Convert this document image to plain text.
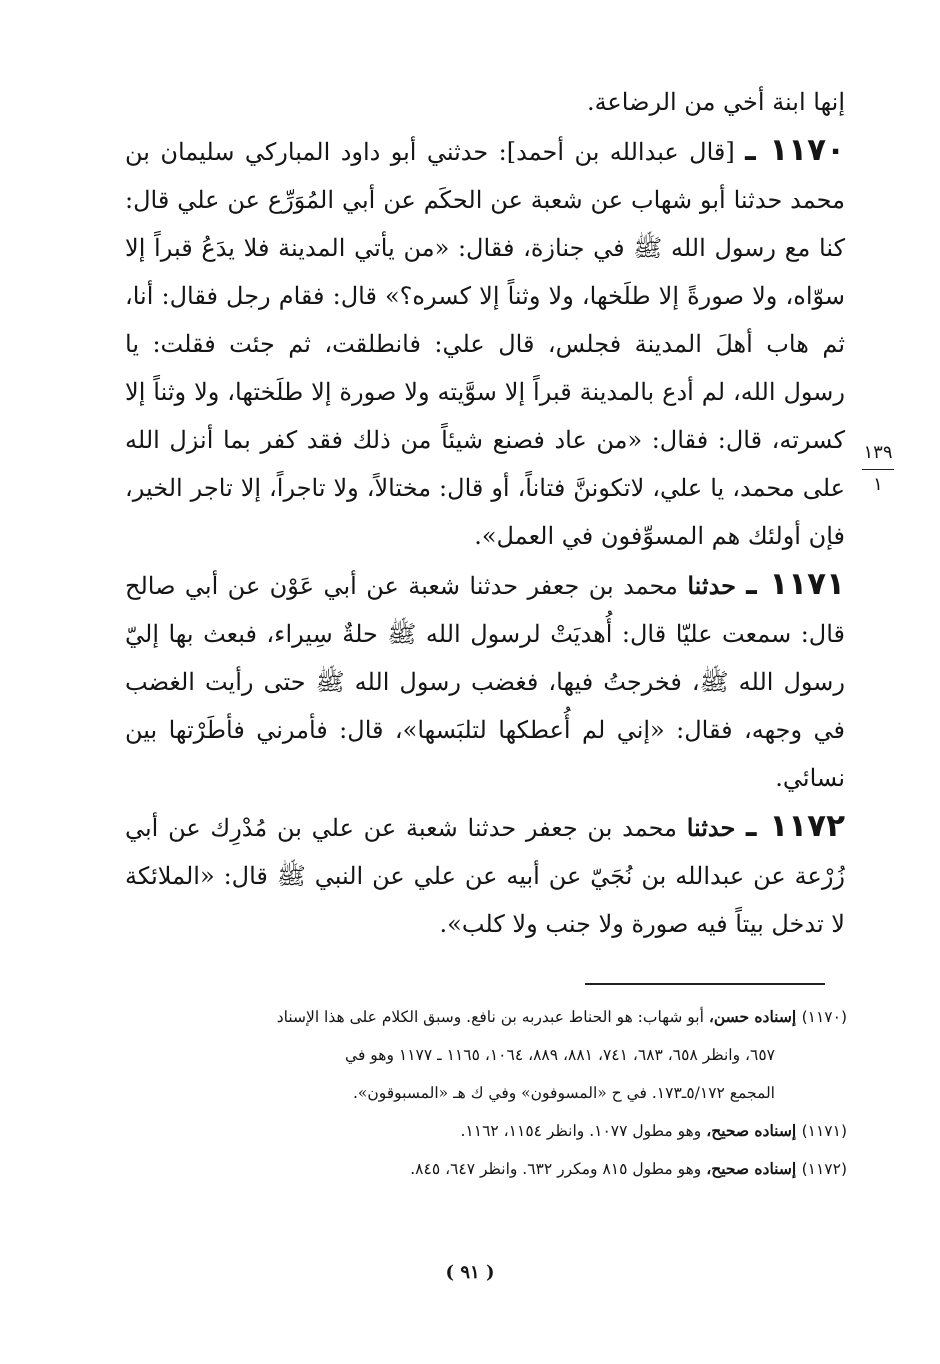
إنها ابنة أخي من الرضاعة.

١١٧٠ ـ [قال عبدالله بن أحمد]: حدثني أبو داود المباركي سليمان بن محمد حدثنا أبو شهاب عن شعبة عن الحكَم عن أبي المُوَرِّع عن علي قال: كنا مع رسول الله ﷺ في جنازة، فقال: «من يأتي المدينة فلا يدَعُ قبراً إلا سوّاه، ولا صورةً إلا طلَخها، ولا وثناً إلا كسره؟» قال: فقام رجل فقال: أنا، ثم هاب أهلَ المدينة فجلس، قال علي: فانطلقت، ثم جئت فقلت: يا رسول الله، لم أدع بالمدينة قبراً إلا سوَّيته ولا صورة إلا طلَختها، ولا وثناً إلا كسرته، قال: فقال: «من عاد فصنع شيئاً من ذلك فقد كفر بما أنزل الله على محمد، يا علي، لاتكوننَّ فتاناً، أو قال: مختالاً، ولا تاجراً، إلا تاجر الخير، فإن أولئك هم المسوِّفون في العمل».

١١٧١ ـ حدثنا محمد بن جعفر حدثنا شعبة عن أبي عَوْن عن أبي صالح قال: سمعت عليّا قال: أُهديَتْ لرسول الله ﷺ حلةٌ سِيراء، فبعث بها إليّ رسول الله ﷺ، فخرجتُ فيها، فغضب رسول الله ﷺ حتى رأيت الغضب في وجهه، فقال: «إني لم أُعطكها لتلبَسها»، قال: فأمرني فأطَرْتها بين نسائي.

١١٧٢ ـ حدثنا محمد بن جعفر حدثنا شعبة عن علي بن مُدْرِك عن أبي زُرْعة عن عبدالله بن نُجَيّ عن أبيه عن علي عن النبي ﷺ قال: «الملائكة لا تدخل بيتاً فيه صورة ولا جنب ولا كلب».

١٣٩
١

(١١٧٠) إسناده حسن، أبو شهاب: هو الحناط عبدربه بن نافع. وسبق الكلام على هذا الإسناد

٦٥٧، وانظر ٦٥٨، ٦٨٣، ٧٤١، ٨٨١، ٨٨٩، ١٠٦٤، ١١٦٥ ـ ١١٧٧ وهو في

المجمع ٥/١٧٢ـ١٧٣. في ح «المسوفون» وفي ك هـ «المسبوقون».

(١١٧١) إسناده صحيح، وهو مطول ١٠٧٧. وانظر ١١٥٤، ١١٦٢.

(١١٧٢) إسناده صحيح، وهو مطول ٨١٥ ومكرر ٦٣٢. وانظر ٦٤٧، ٨٤٥.

( ٩١ )
